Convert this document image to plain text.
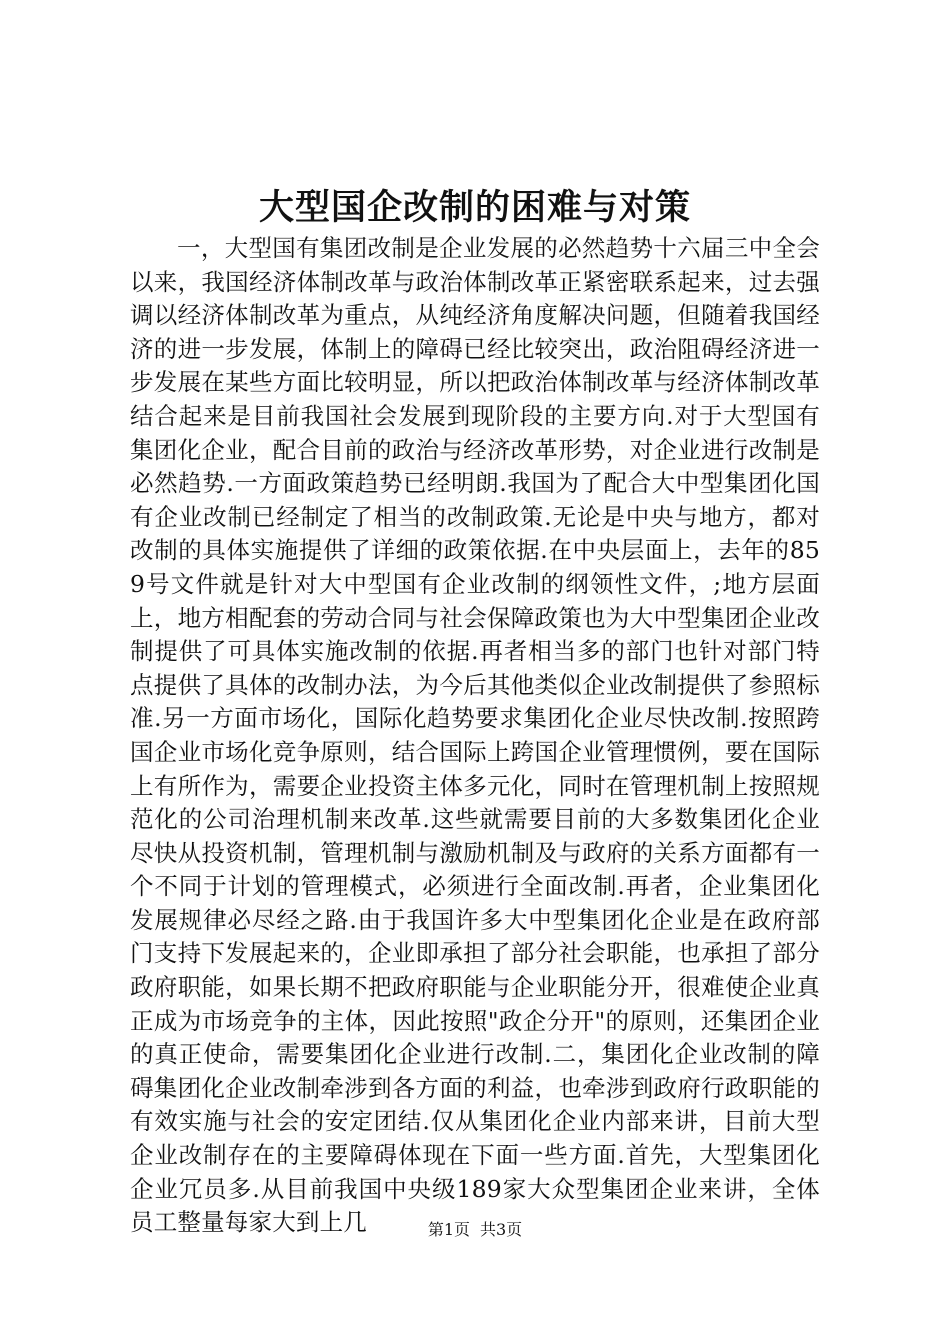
大型国企改制的困难与对策

一，大型国有集团改制是企业发展的必然趋势十六届三中全会以来，我国经济体制改革与政治体制改革正紧密联系起来，过去强调以经济体制改革为重点，从纯经济角度解决问题，但随着我国经济的进一步发展，体制上的障碍已经比较突出，政治阻碍经济进一步发展在某些方面比较明显，所以把政治体制改革与经济体制改革结合起来是目前我国社会发展到现阶段的主要方向.对于大型国有集团化企业，配合目前的政治与经济改革形势，对企业进行改制是必然趋势.一方面政策趋势已经明朗.我国为了配合大中型集团化国有企业改制已经制定了相当的改制政策.无论是中央与地方，都对改制的具体实施提供了详细的政策依据.在中央层面上，去年的859号文件就是针对大中型国有企业改制的纲领性文件，;地方层面上，地方相配套的劳动合同与社会保障政策也为大中型集团企业改制提供了可具体实施改制的依据.再者相当多的部门也针对部门特点提供了具体的改制办法，为今后其他类似企业改制提供了参照标准.另一方面市场化，国际化趋势要求集团化企业尽快改制.按照跨国企业市场化竞争原则，结合国际上跨国企业管理惯例，要在国际上有所作为，需要企业投资主体多元化，同时在管理机制上按照规范化的公司治理机制来改革.这些就需要目前的大多数集团化企业尽快从投资机制，管理机制与激励机制及与政府的关系方面都有一个不同于计划的管理模式，必须进行全面改制.再者，企业集团化发展规律必尽经之路.由于我国许多大中型集团化企业是在政府部门支持下发展起来的，企业即承担了部分社会职能，也承担了部分政府职能，如果长期不把政府职能与企业职能分开，很难使企业真正成为市场竞争的主体，因此按照"政企分开"的原则，还集团企业的真正使命，需要集团化企业进行改制.二，集团化企业改制的障碍集团化企业改制牵涉到各方面的利益，也牵涉到政府行政职能的有效实施与社会的安定团结.仅从集团化企业内部来讲，目前大型企业改制存在的主要障碍体现在下面一些方面.首先，大型集团化企业冗员多.从目前我国中央级189家大众型集团企业来讲，全体员工整量每家大到上几	第1页 共3页
